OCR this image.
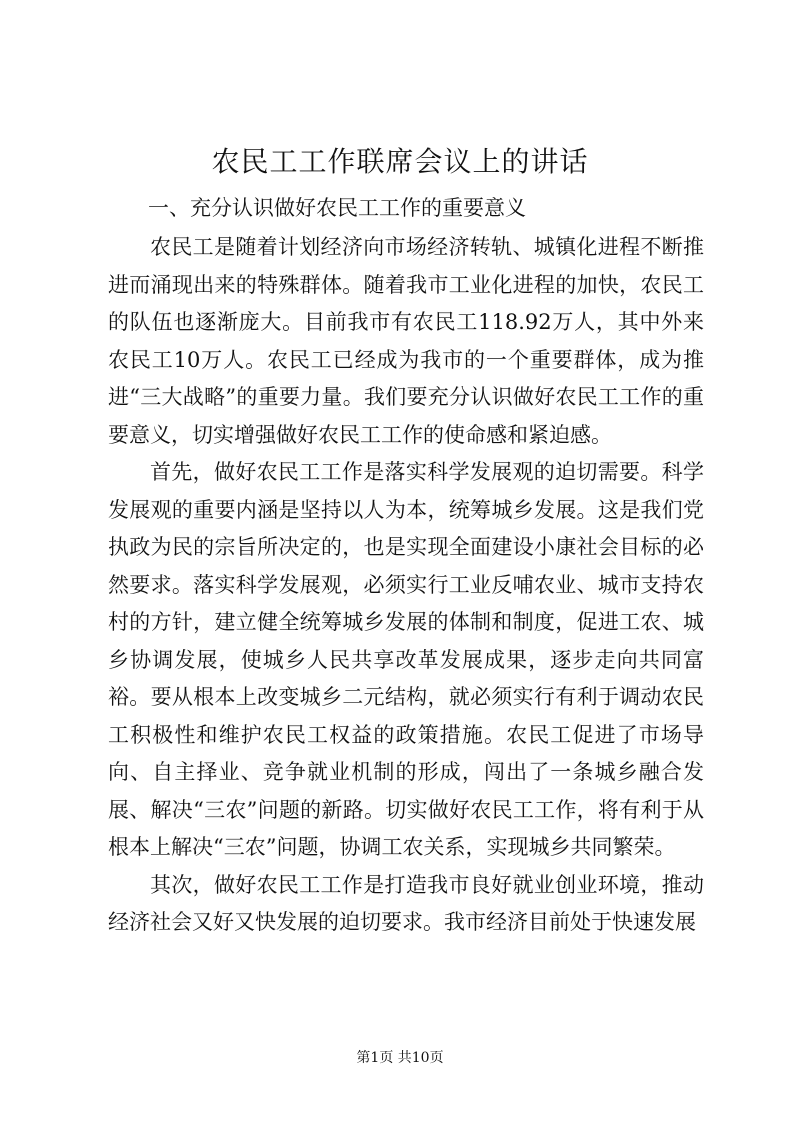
农民工工作联席会议上的讲话
一、充分认识做好农民工工作的重要意义

农民工是随着计划经济向市场经济转轨、城镇化进程不断推进而涌现出来的特殊群体。随着我市工业化进程的加快，农民工的队伍也逐渐庞大。目前我市有农民工118.92万人，其中外来农民工10万人。农民工已经成为我市的一个重要群体，成为推进“三大战略”的重要力量。我们要充分认识做好农民工工作的重要意义，切实增强做好农民工工作的使命感和紧迫感。

首先，做好农民工工作是落实科学发展观的迫切需要。科学发展观的重要内涵是坚持以人为本，统筹城乡发展。这是我们党执政为民的宗旨所决定的，也是实现全面建设小康社会目标的必然要求。落实科学发展观，必须实行工业反哺农业、城市支持农村的方针，建立健全统筹城乡发展的体制和制度，促进工农、城乡协调发展，使城乡人民共享改革发展成果，逐步走向共同富裕。要从根本上改变城乡二元结构，就必须实行有利于调动农民工积极性和维护农民工权益的政策措施。农民工促进了市场导向、自主择业、竞争就业机制的形成，闯出了一条城乡融合发展、解决“三农”问题的新路。切实做好农民工工作，将有利于从根本上解决“三农”问题，协调工农关系，实现城乡共同繁荣。

其次，做好农民工工作是打造我市良好就业创业环境，推动经济社会又好又快发展的迫切要求。我市经济目前处于快速发展

第1页 共10页
